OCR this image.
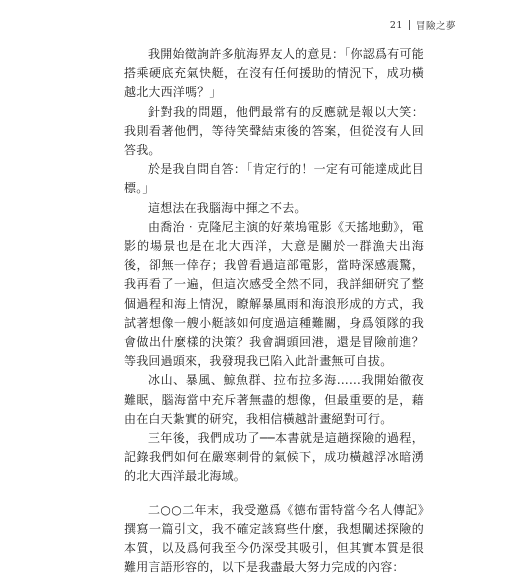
21 冒險之夢

我開始徵詢許多航海界友人的意見：「你認爲有可能搭乘硬底充氣快艇，在沒有任何援助的情況下，成功橫越北大西洋嗎？」

針對我的問題，他們最常有的反應就是報以大笑：我則看著他們，等待笑聲結束後的答案，但從沒有人回答我。

於是我自問自答：「肯定行的！一定有可能達成此目標。」

這想法在我腦海中揮之不去。

由喬治‧克隆尼主演的好萊塢電影《天搖地動》，電影的場景也是在北大西洋，大意是關於一群漁夫出海後，卻無一倖存；我曾看過這部電影，當時深感震驚，我再看了一遍，但這次感受全然不同，我詳細研究了整個過程和海上情況，瞭解暴風雨和海浪形成的方式，我試著想像一艘小艇該如何度過這種難關，身爲領隊的我會做出什麼樣的決策？我會調頭回港，還是冒險前進？等我回過頭來，我發現我已陷入此計畫無可自拔。

冰山、暴風、鯨魚群、拉布拉多海……我開始徹夜難眠，腦海當中充斥著無盡的想像，但最重要的是，藉由在白天紮實的研究，我相信橫越計畫絕對可行。

三年後，我們成功了──本書就是這趟探險的過程，記錄我們如何在嚴寒刺骨的氣候下，成功橫越浮冰暗湧的北大西洋最北海域。

二○○二年末，我受邀爲《德布雷特當今名人傳記》撰寫一篇引文，我不確定該寫些什麼，我想闡述探險的本質，以及爲何我至今仍深受其吸引，但其實本質是很難用言語形容的，以下是我盡最大努力完成的內容：
